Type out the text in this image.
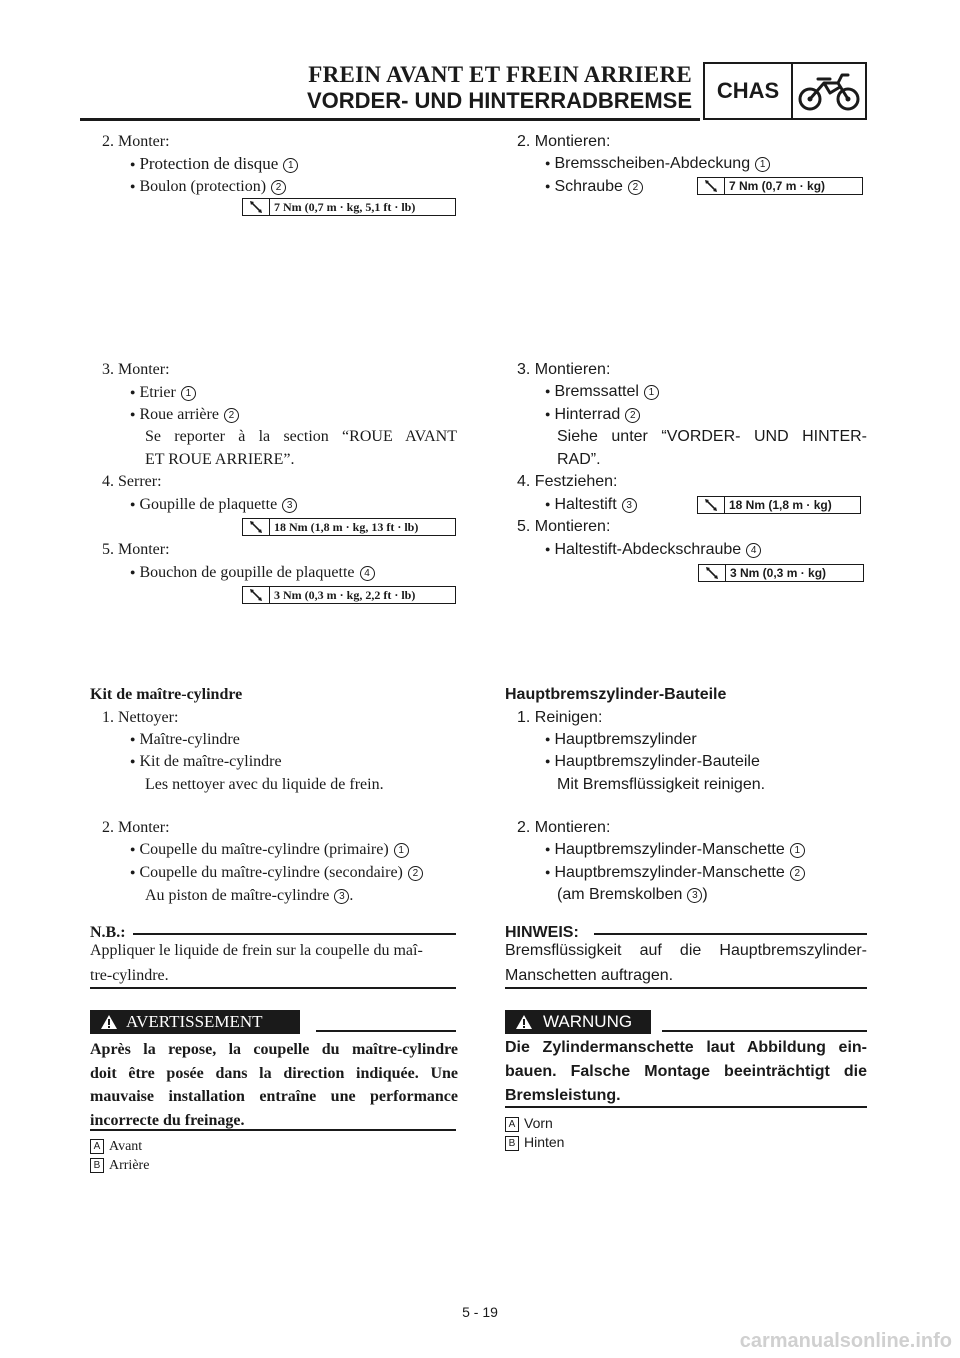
FREIN AVANT ET FREIN ARRIERE
VORDER- UND HINTERRADBREMSE	CHAS
2. Monter:
● Protection de disque 1
● Boulon (protection) 2
7 Nm (0,7 m · kg, 5,1 ft · lb)
3. Monter:
● Etrier 1
● Roue arrière 2
Se reporter à la section “ROUE AVANT
ET ROUE ARRIERE”.
4. Serrer:
● Goupille de plaquette 3
18 Nm (1,8 m · kg, 13 ft · lb)
5. Monter:
● Bouchon de goupille de plaquette 4
3 Nm (0,3 m · kg, 2,2 ft · lb)
Kit de maître-cylindre
1. Nettoyer:
● Maître-cylindre
● Kit de maître-cylindre
Les nettoyer avec du liquide de frein.
2. Monter:
● Coupelle du maître-cylindre (primaire) 1
● Coupelle du maître-cylindre (secondaire) 2
Au piston de maître-cylindre 3 .
N.B.:
Appliquer le liquide de frein sur la coupelle du maî-
tre-cylindre.
AVERTISSEMENT
Après la repose, la coupelle du maître-cylindre
doit être posée dans la direction indiquée. Une
mauvaise installation entraîne une performance
incorrecte du freinage.
A Avant
B Arrière
2. Montieren:
● Bremsscheiben-Abdeckung 1
● Schraube 2	7 Nm (0,7 m · kg)
3. Montieren:
● Bremssattel 1
● Hinterrad 2
Siehe unter “VORDER- UND HINTER-
RAD”.
4. Festziehen:
● Haltestift 3	18 Nm (1,8 m · kg)
5. Montieren:
● Haltestift-Abdeckschraube 4
3 Nm (0,3 m · kg)
Hauptbremszylinder-Bauteile
1. Reinigen:
● Hauptbremszylinder
● Hauptbremszylinder-Bauteile
Mit Bremsflüssigkeit reinigen.
2. Montieren:
● Hauptbremszylinder-Manschette 1
● Hauptbremszylinder-Manschette 2
(am Bremskolben 3 )
HINWEIS:
Bremsflüssigkeit auf die Hauptbremszylinder-
Manschetten auftragen.
WARNUNG
Die Zylindermanschette laut Abbildung ein-
bauen. Falsche Montage beeinträchtigt die
Bremsleistung.
A Vorn
B Hinten
5 - 19
carmanualsonline.info
